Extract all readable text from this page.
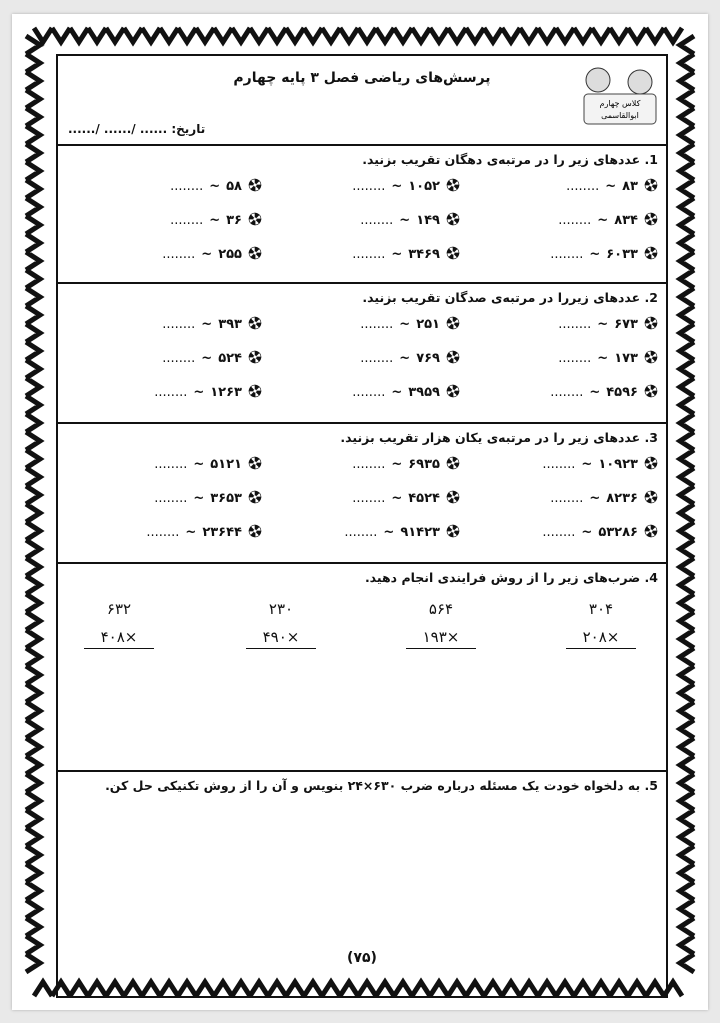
کلاس چهارم
ابوالقاسمی
پرسش‌های ریاضی فصل ۳ پایه چهارم
تاریخ: ...... /...... /......
1. عددهای زیر را در مرتبه‌ی دهگان تقریب بزنید.
۸۳~........
۱۰۵۲~........
۵۸~........
۸۳۴~........
۱۴۹~........
۳۶~........
۶۰۳۳~........
۳۴۶۹~........
۲۵۵~........
2. عددهای زیررا در مرتبه‌ی صدگان تقریب بزنید.
۶۷۳~........
۲۵۱~........
۳۹۳~........
۱۷۳~........
۷۶۹~........
۵۲۴~........
۴۵۹۶~........
۳۹۵۹~........
۱۲۶۳~........
3. عددهای زیر را در مرتبه‌ی یکان هزار تقریب بزنید.
۱۰۹۲۳~........
۶۹۳۵~........
۵۱۲۱~........
۸۲۳۶~........
۴۵۲۴~........
۳۶۵۳~........
۵۳۲۸۶~........
۹۱۴۲۳~........
۲۳۶۴۴~........
4. ضرب‌های زیر را از روش فرایندی انجام دهید.
۳۰۴
×۲۰۸
۵۶۴
×۱۹۳
۲۳۰
×۴۹۰
۶۳۲
×۴۰۸
5. به دلخواه خودت یک مسئله درباره ضرب ۶۳۰×۲۴ بنویس و آن را از روش تکنیکی حل کن.
(۷۵)
